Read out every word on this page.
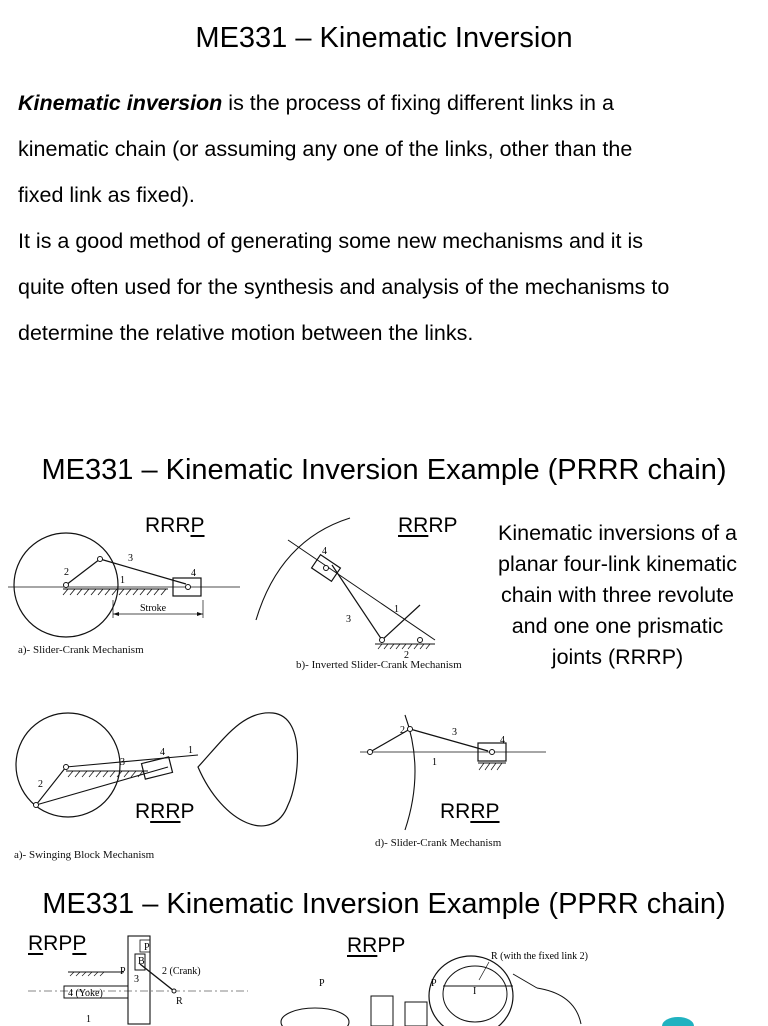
ME331 – Kinematic Inversion
Kinematic inversion is the process of fixing different links in a
kinematic chain (or assuming any one of the links, other than the
fixed link as fixed).
It is a good method of generating some new mechanisms and it is
quite often used for the synthesis and analysis of the mechanisms to
determine the relative motion between the links.
ME331 – Kinematic Inversion Example (PRRR chain)
RRRP	RRRP
RRRP	RRRP
Stroke
2
3
1
4
a)- Slider-Crank Mechanism
4
3
1
2
b)- Inverted Slider-Crank Mechanism
Kinematic inversions of a planar four-link kinematic chain with three revolute and one one prismatic joints (RRRP)
2
3
4 1
a)- Swinging Block Mechanism
2	3
4
1
d)- Slider-Crank Mechanism
ME331 – Kinematic Inversion Example (PPRR chain)
RRPP	RRPP
P
B
P
3
R
1
4 (Yoke)
2 (Crank)
R (with the fixed link 2)
P	P
I
